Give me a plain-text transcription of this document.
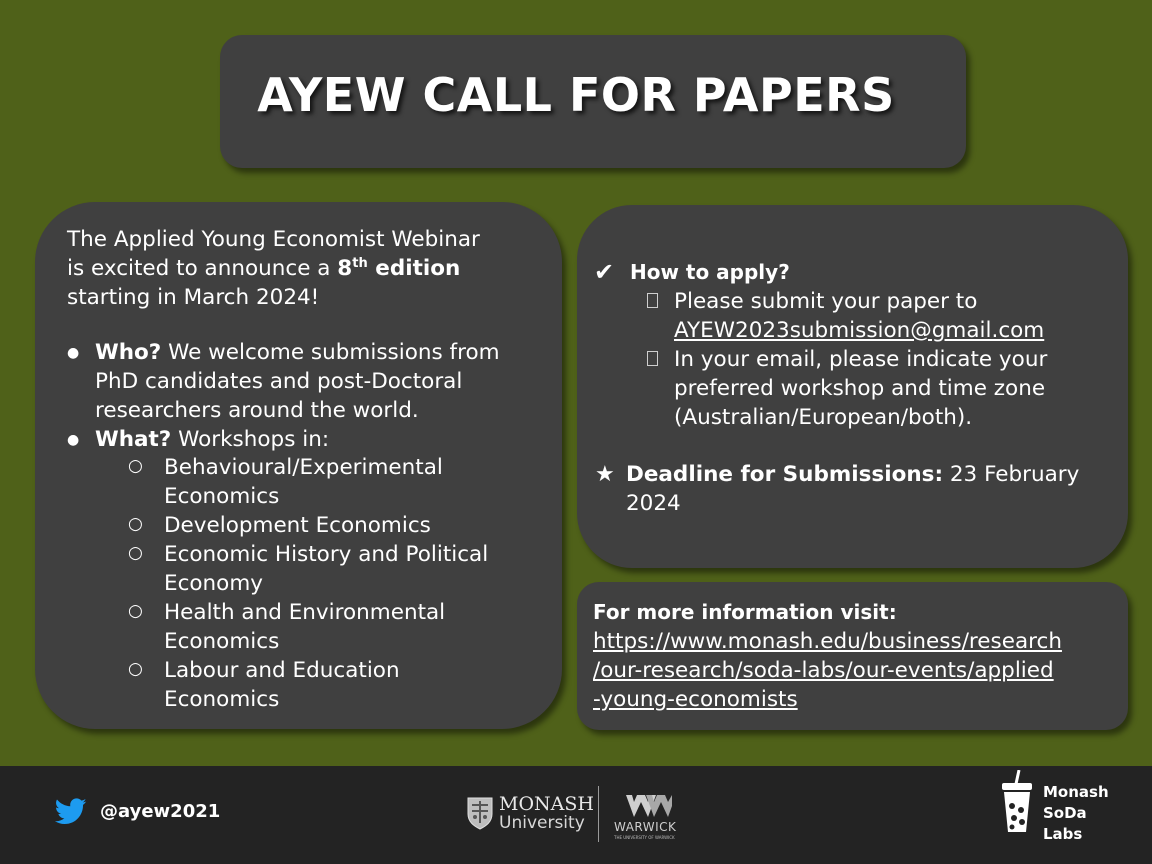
AYEW CALL FOR PAPERS
The Applied Young Economist Webinar
is excited to announce a 8th edition
starting in March 2024!
● Who? We welcome submissions from
PhD candidates and post-Doctoral
researchers around the world.
● What? Workshops in:
○ Behavioural/Experimental
Economics
○ Development Economics
○ Economic History and Political
Economy
○ Health and Environmental
Economics
○ Labour and Education
Economics
✔ How to apply?
Please submit your paper to
AYEW2023submission@gmail.com
In your email, please indicate your
preferred workshop and time zone
(Australian/European/both).
★ Deadline for Submissions: 23 February
2024
For more information visit:
https://www.monash.edu/business/research
/our-research/soda-labs/our-events/applied
-young-economists
@ayew2021	MONASH
University WARWICK
THE UNIVERSITY OF WARWICK
Monash
SoDa
Labs
